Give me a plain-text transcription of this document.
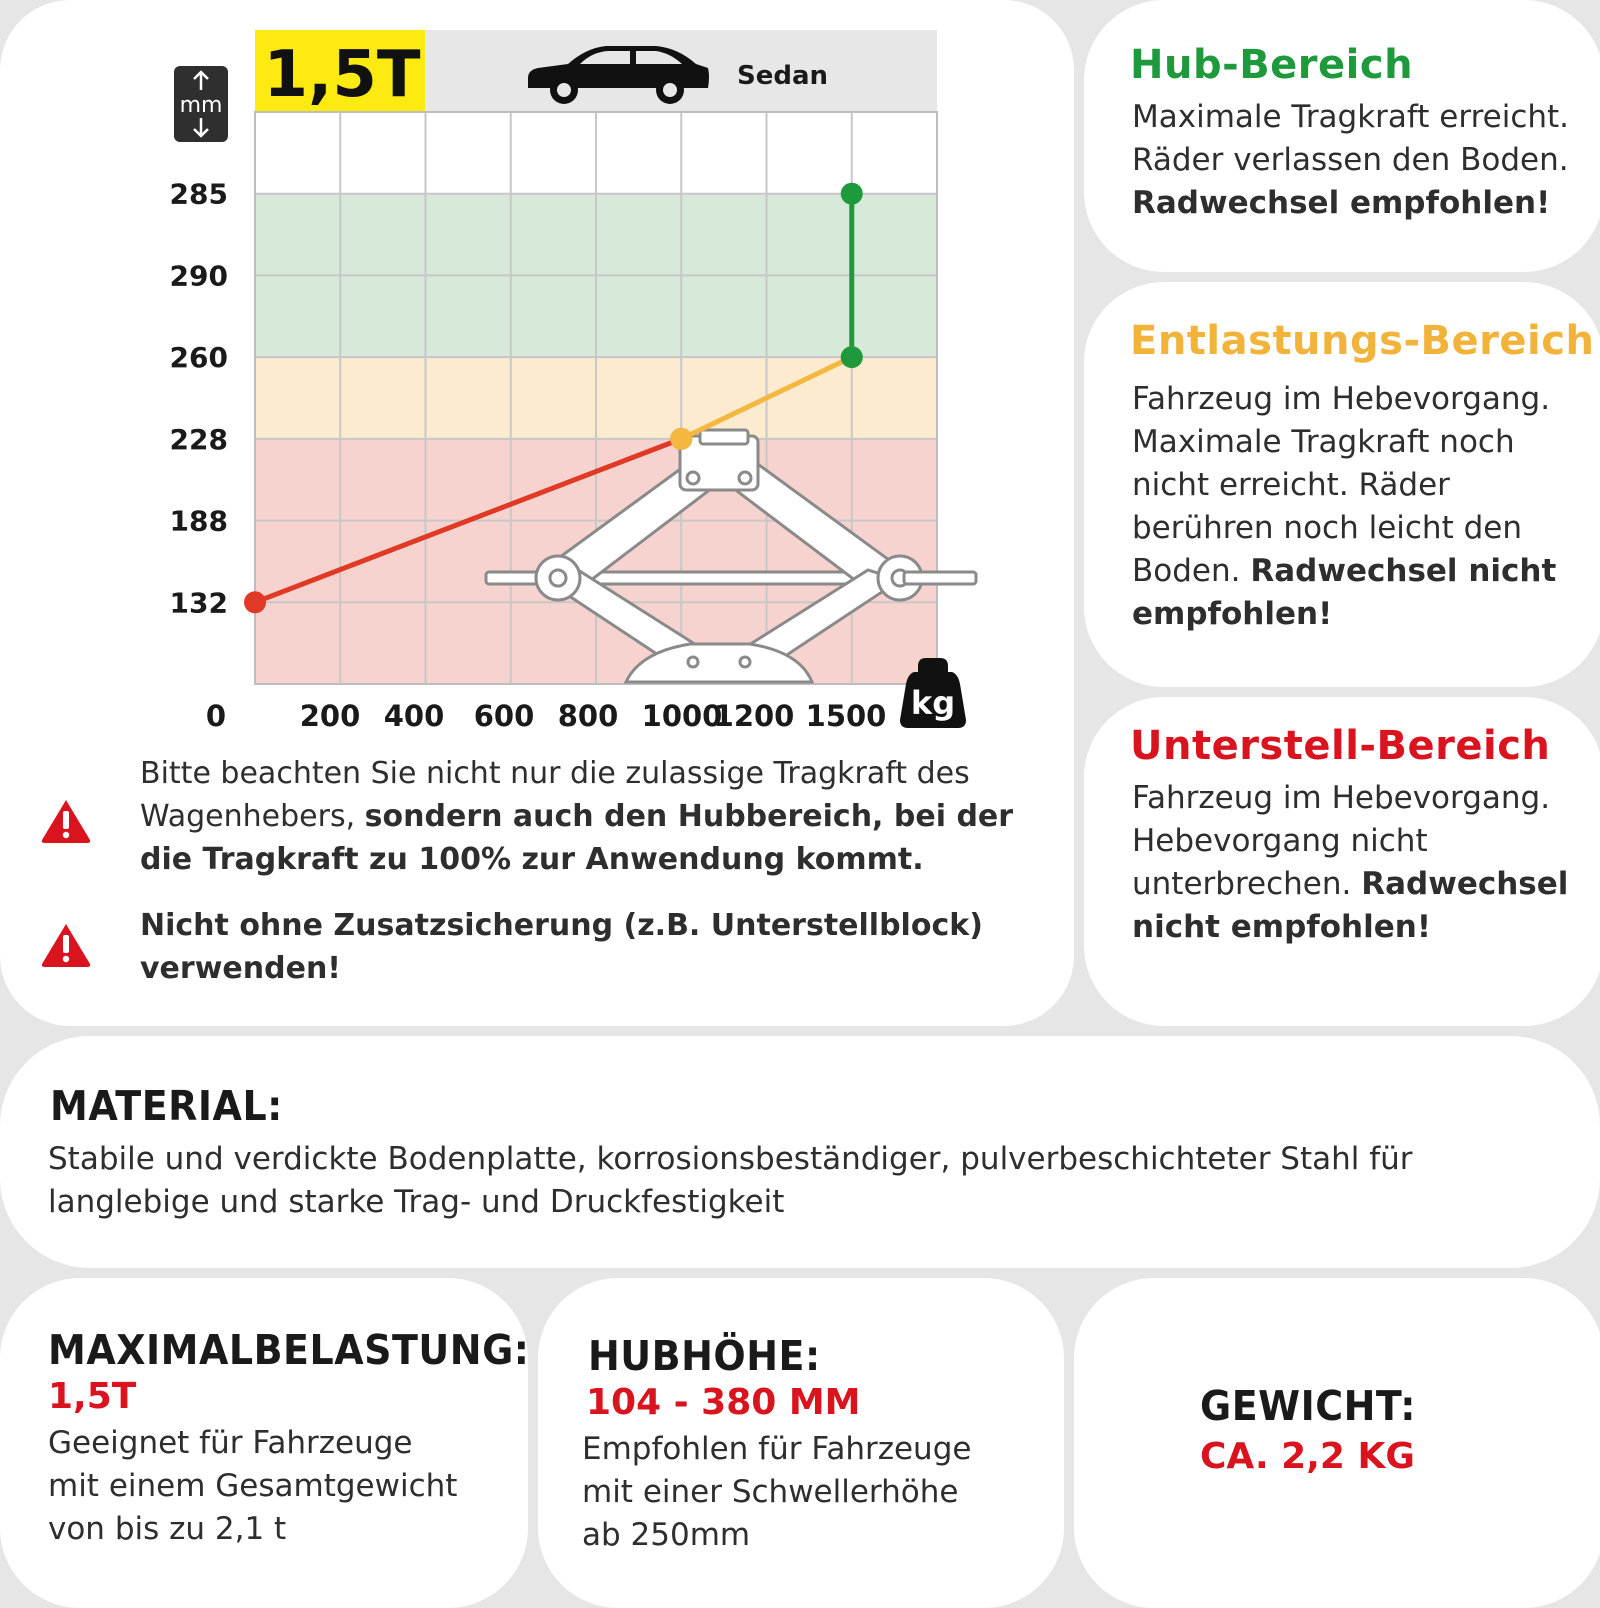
1,5T	Sedan
mm
kg
285
290
260
228
188
132
0	200 400 600 800 1000
1200 1500

Bitte beachten Sie nicht nur die zulassige Tragkraft des Wagenhebers, sondern auch den Hubbereich, bei der die Tragkraft zu 100% zur Anwendung kommt.

Nicht ohne Zusatzsicherung (z.B. Unterstellblock) verwenden!

Hub-Bereich

Maximale Tragkraft erreicht.
Räder verlassen den Boden.
Radwechsel empfohlen!

Entlastungs-Bereich

Fahrzeug im Hebevorgang. Maximale Tragkraft noch nicht erreicht. Räder berühren noch leicht den Boden. Radwechsel nicht empfohlen!

Unterstell-Bereich

Fahrzeug im Hebevorgang. Hebevorgang nicht unterbrechen. Radwechsel nicht empfohlen!

MATERIAL:

Stabile und verdickte Bodenplatte, korrosionsbeständiger, pulverbeschichteter Stahl für langlebige und starke Trag- und Druckfestigkeit

MAXIMALBELASTUNG:

1,5T

Geeignet für Fahrzeuge
mit einem Gesamtgewicht
von bis zu 2,1 t

HUBHÖHE:

104 - 380 MM

Empfohlen für Fahrzeuge
mit einer Schwellerhöhe
ab 250mm

GEWICHT:

CA. 2,2 KG
